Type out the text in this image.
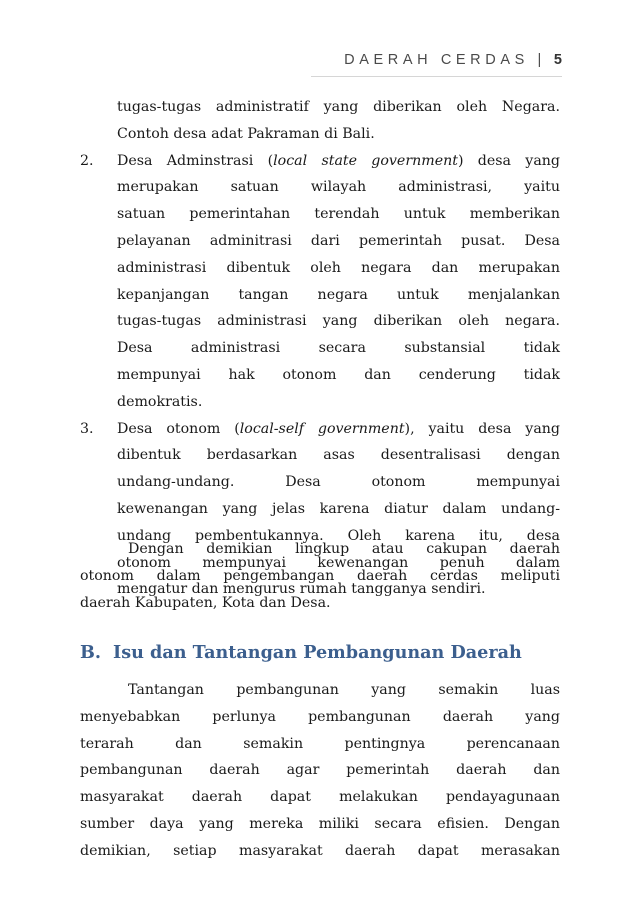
DAERAH CERDAS | 5
tugas-tugas administratif yang diberikan oleh Negara.
Contoh desa adat Pakraman di Bali.
2.	Desa Adminstrasi (local state government) desa yang
merupakan satuan wilayah administrasi, yaitu
satuan pemerintahan terendah untuk memberikan
pelayanan adminitrasi dari pemerintah pusat. Desa
administrasi dibentuk oleh negara dan merupakan
kepanjangan tangan negara untuk menjalankan
tugas-tugas administrasi yang diberikan oleh negara.
Desa administrasi secara substansial tidak
mempunyai hak otonom dan cenderung tidak
demokratis.
3.	Desa otonom (local-self government), yaitu desa yang
dibentuk berdasarkan asas desentralisasi dengan
undang-undang. Desa otonom mempunyai
kewenangan yang jelas karena diatur dalam undang-
undang pembentukannya. Oleh karena itu, desa
otonom mempunyai kewenangan penuh dalam
mengatur dan mengurus rumah tangganya sendiri.
Dengan demikian lingkup atau cakupan daerah
otonom dalam pengembangan daerah cerdas meliputi
daerah Kabupaten, Kota dan Desa.
B. Isu dan Tantangan Pembangunan Daerah
Tantangan pembangunan yang semakin luas
menyebabkan perlunya pembangunan daerah yang
terarah dan semakin pentingnya perencanaan
pembangunan daerah agar pemerintah daerah dan
masyarakat daerah dapat melakukan pendayagunaan
sumber daya yang mereka miliki secara efisien. Dengan
demikian, setiap masyarakat daerah dapat merasakan
